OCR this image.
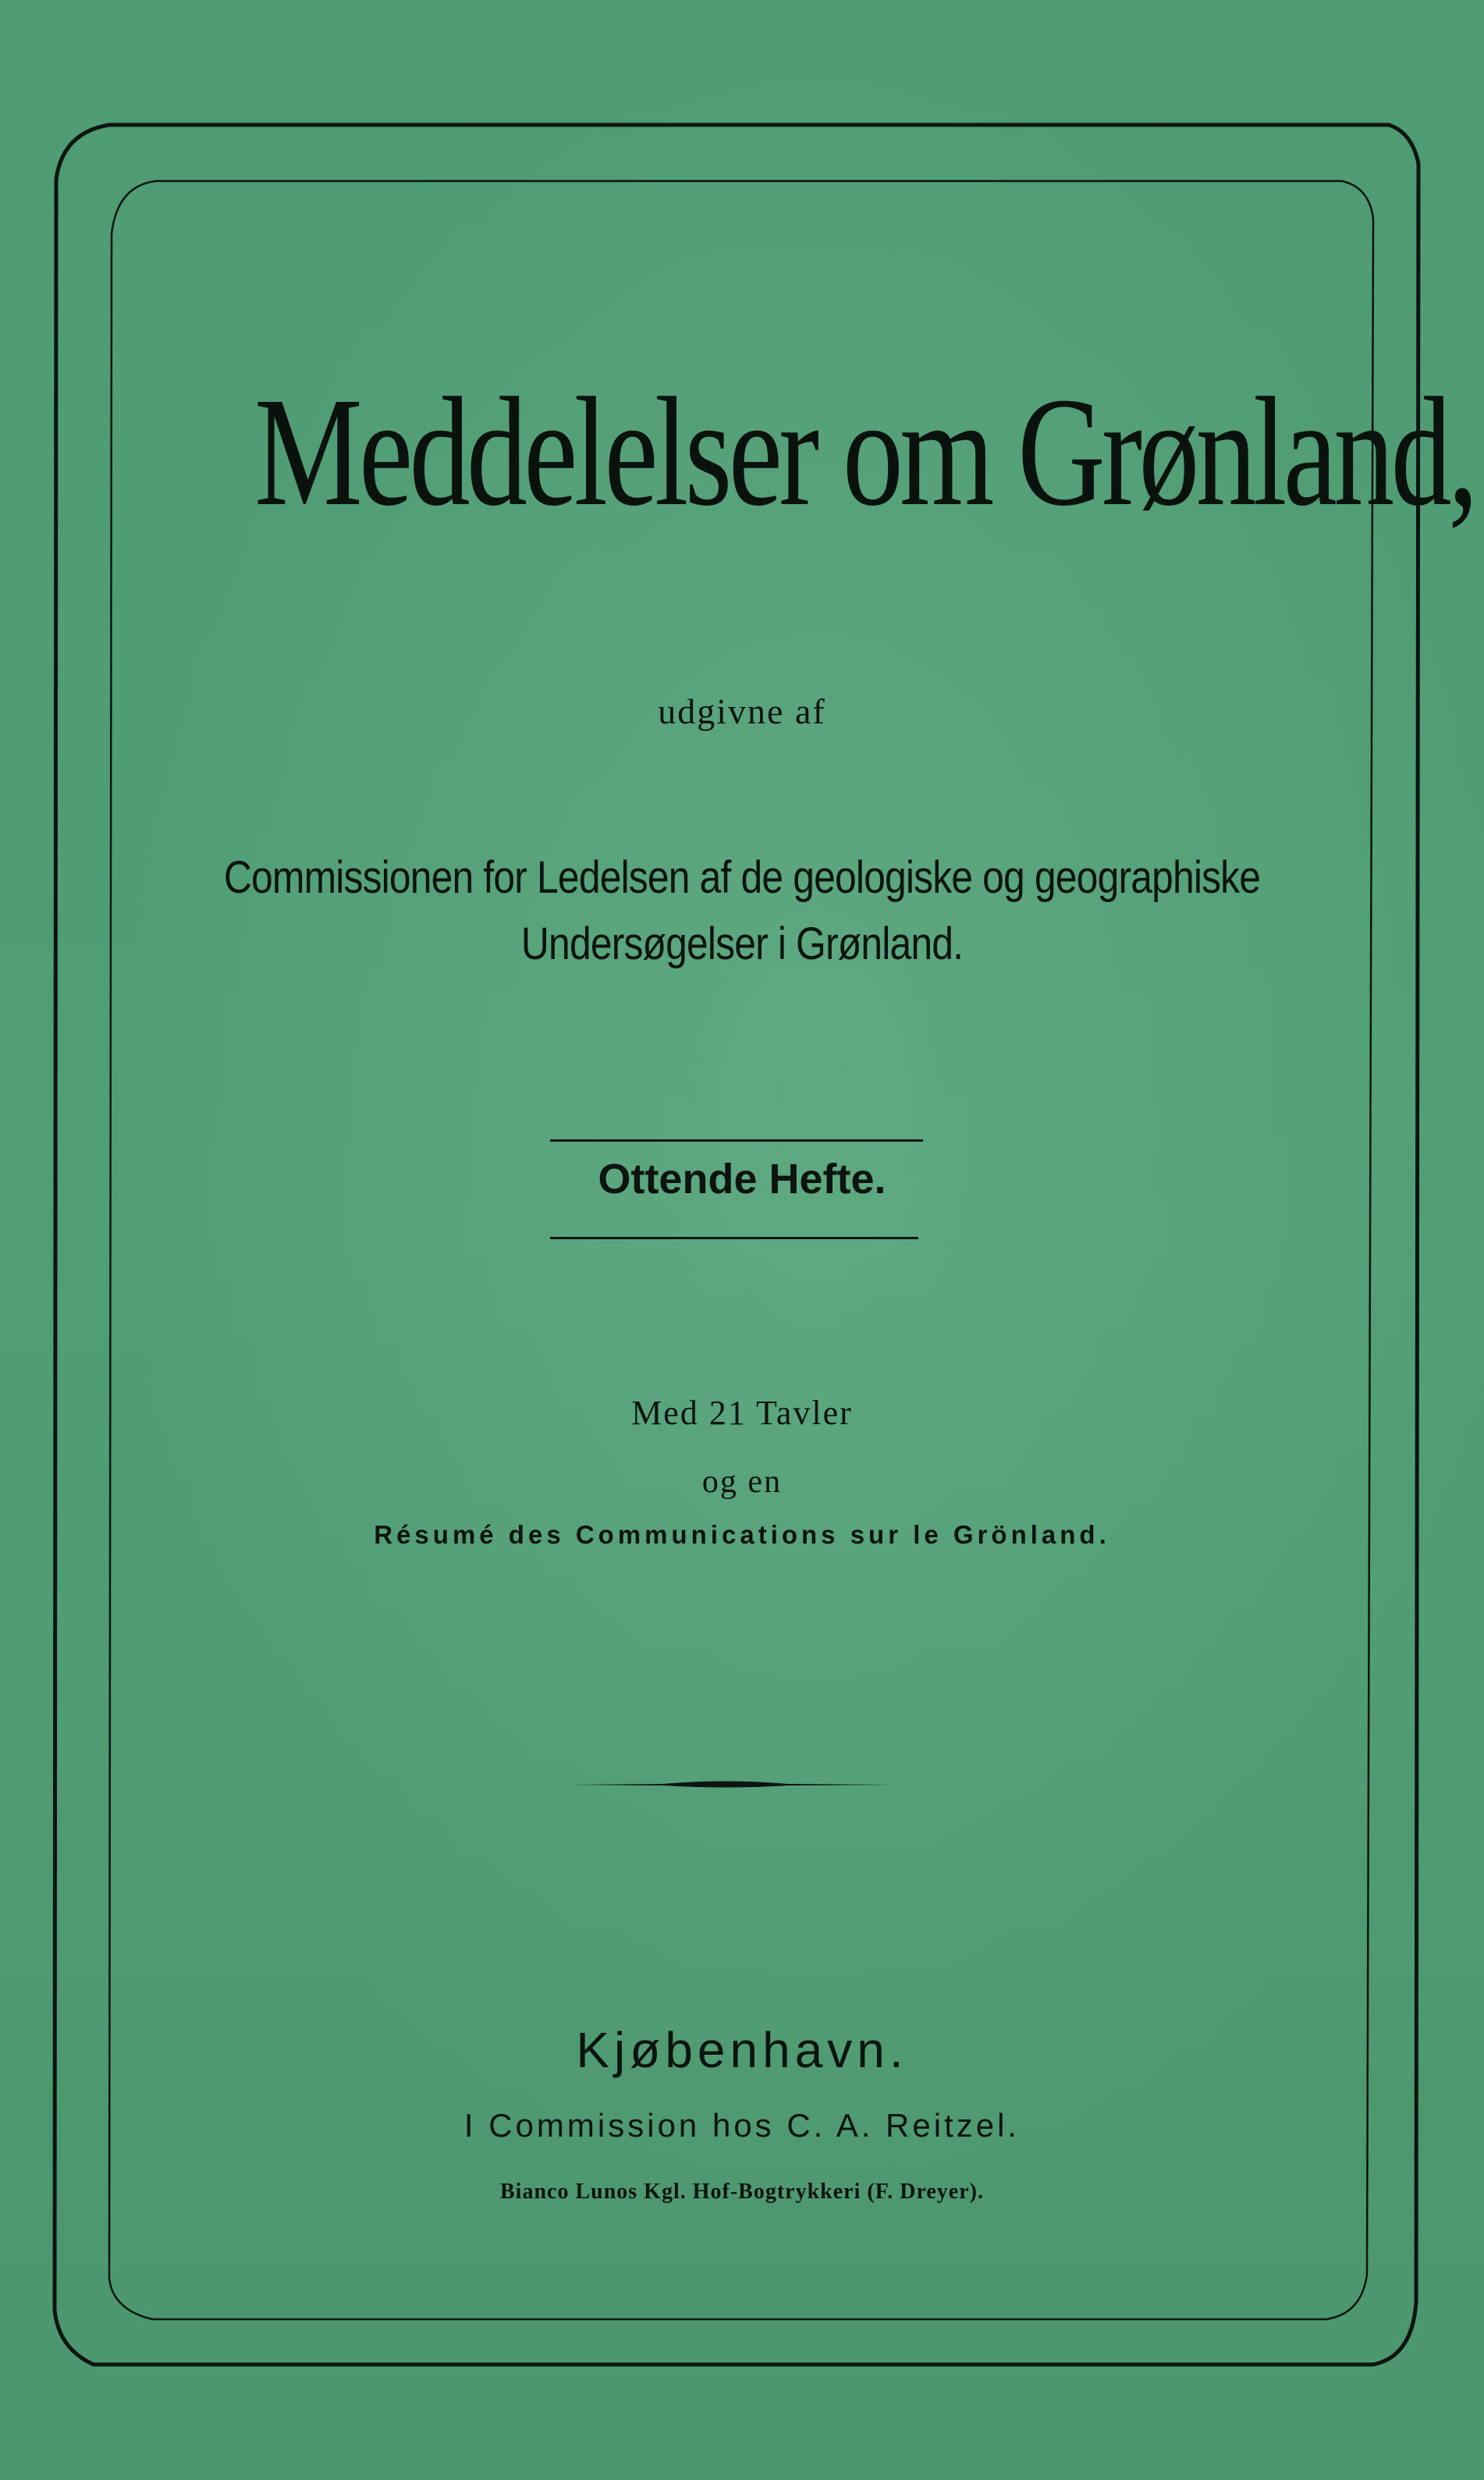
Meddelelser om Grønland,
udgivne af
Commissionen for Ledelsen af de geologiske og geographiske
Undersøgelser i Grønland.
Ottende Hefte.
Med 21 Tavler
og en
Résumé des Communications sur le Grönland.
Kjøbenhavn.
I Commission hos C. A. Reitzel.
Bianco Lunos Kgl. Hof-Bogtrykkeri (F. Dreyer).
